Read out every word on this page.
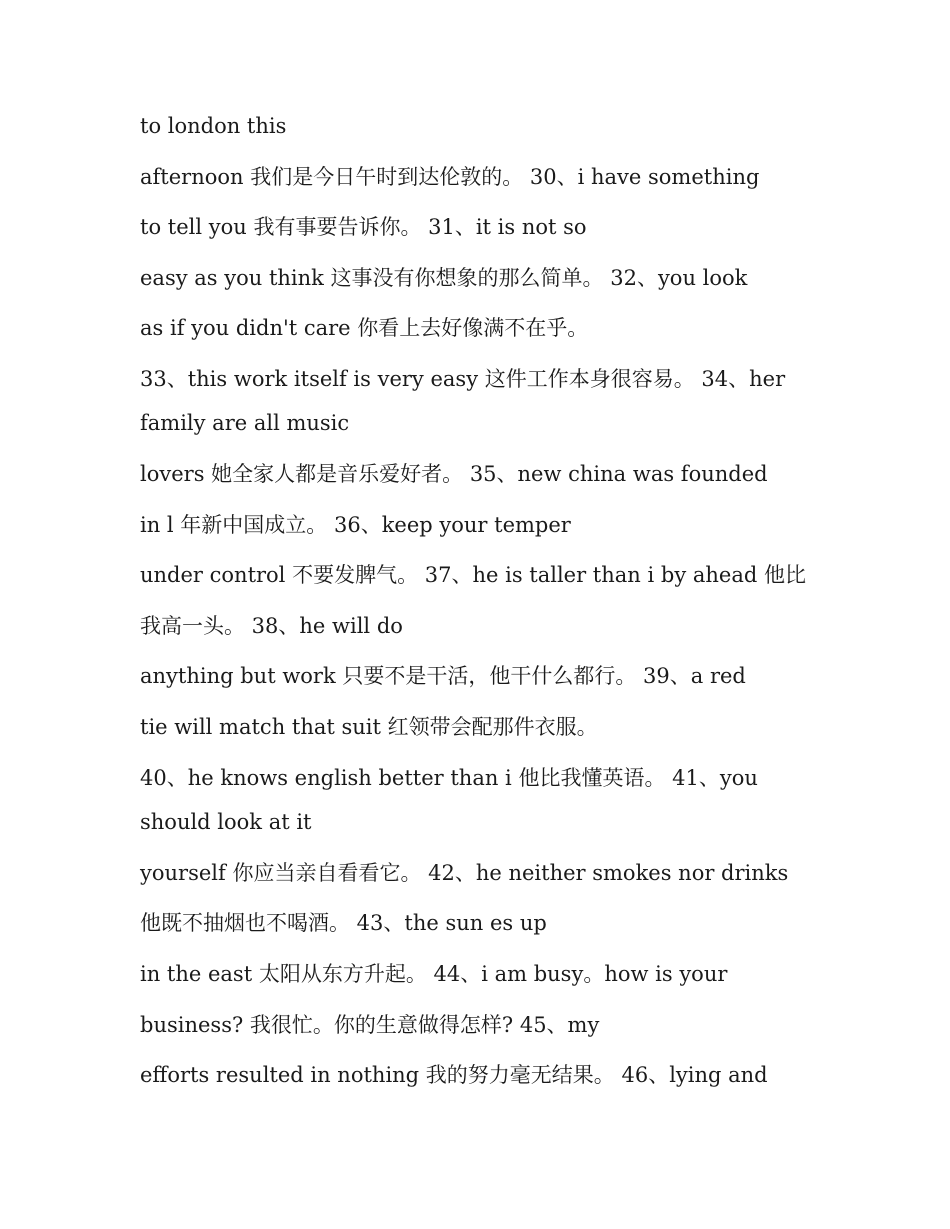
to london this
afternoon 我们是今日午时到达伦敦的。 30、i have something
to tell you 我有事要告诉你。 31、it is not so
easy as you think 这事没有你想象的那么简单。 32、you look
as if you didn't care 你看上去好像满不在乎。
33、this work itself is very easy 这件工作本身很容易。 34、her
family are all music
lovers 她全家人都是音乐爱好者。 35、new china was founded
in l 年新中国成立。 36、keep your temper
under control 不要发脾气。 37、he is taller than i by ahead 他比
我高一头。 38、he will do
anything but work 只要不是干活，他干什么都行。 39、a red
tie will match that suit 红领带会配那件衣服。
40、he knows english better than i 他比我懂英语。 41、you
should look at it
yourself 你应当亲自看看它。 42、he neither smokes nor drinks
他既不抽烟也不喝酒。 43、the sun es up
in the east 太阳从东方升起。 44、i am busy。how is your
business? 我很忙。你的生意做得怎样? 45、my
efforts resulted in nothing 我的努力毫无结果。 46、lying and
